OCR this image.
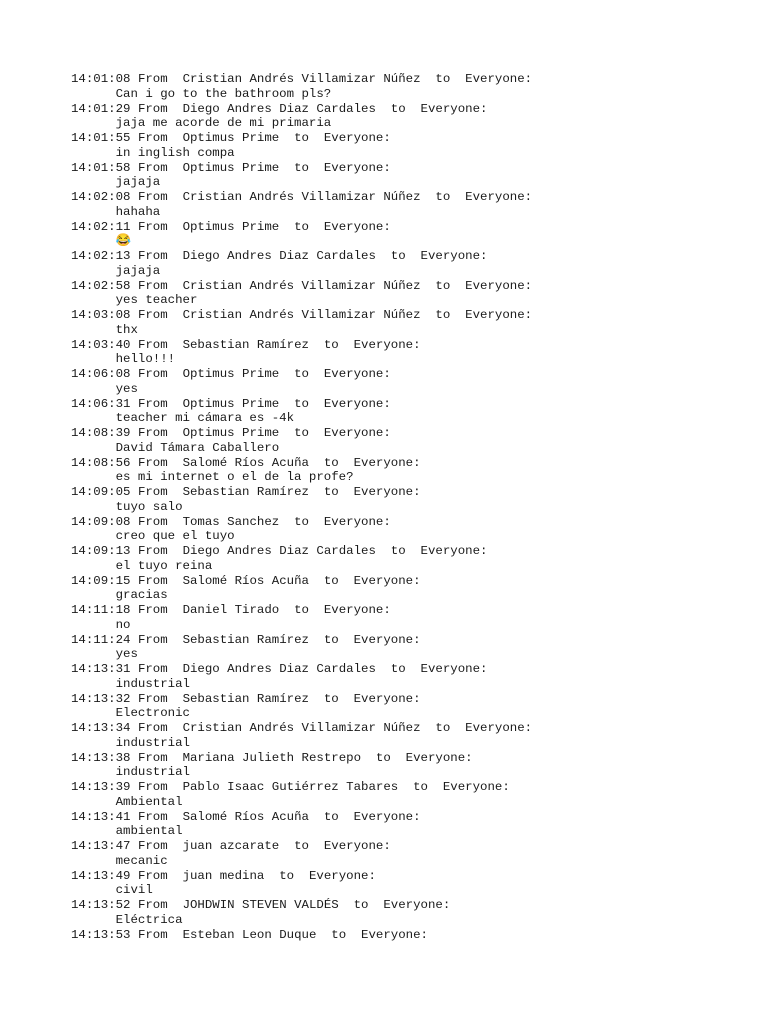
14:01:08 From Cristian Andrés Villamizar Núñez to Everyone:
Can i go to the bathroom pls?
14:01:29 From Diego Andres Diaz Cardales to Everyone:
jaja me acorde de mi primaria
14:01:55 From Optimus Prime to Everyone:
in inglish compa
14:01:58 From Optimus Prime to Everyone:
jajaja
14:02:08 From Cristian Andrés Villamizar Núñez to Everyone:
hahaha
14:02:11 From Optimus Prime to Everyone:
😂
14:02:13 From Diego Andres Diaz Cardales to Everyone:
jajaja
14:02:58 From Cristian Andrés Villamizar Núñez to Everyone:
yes teacher
14:03:08 From Cristian Andrés Villamizar Núñez to Everyone:
thx
14:03:40 From Sebastian Ramírez to Everyone:
hello!!!
14:06:08 From Optimus Prime to Everyone:
yes
14:06:31 From Optimus Prime to Everyone:
teacher mi cámara es -4k
14:08:39 From Optimus Prime to Everyone:
David Támara Caballero
14:08:56 From Salomé Ríos Acuña to Everyone:
es mi internet o el de la profe?
14:09:05 From Sebastian Ramírez to Everyone:
tuyo salo
14:09:08 From Tomas Sanchez to Everyone:
creo que el tuyo
14:09:13 From Diego Andres Diaz Cardales to Everyone:
el tuyo reina
14:09:15 From Salomé Ríos Acuña to Everyone:
gracias
14:11:18 From Daniel Tirado to Everyone:
no
14:11:24 From Sebastian Ramírez to Everyone:
yes
14:13:31 From Diego Andres Diaz Cardales to Everyone:
industrial
14:13:32 From Sebastian Ramírez to Everyone:
Electronic
14:13:34 From Cristian Andrés Villamizar Núñez to Everyone:
industrial
14:13:38 From Mariana Julieth Restrepo to Everyone:
industrial
14:13:39 From Pablo Isaac Gutiérrez Tabares to Everyone:
Ambiental
14:13:41 From Salomé Ríos Acuña to Everyone:
ambiental
14:13:47 From juan azcarate to Everyone:
mecanic
14:13:49 From juan medina to Everyone:
civil
14:13:52 From JOHDWIN STEVEN VALDÉS to Everyone:
Eléctrica
14:13:53 From Esteban Leon Duque to Everyone:
